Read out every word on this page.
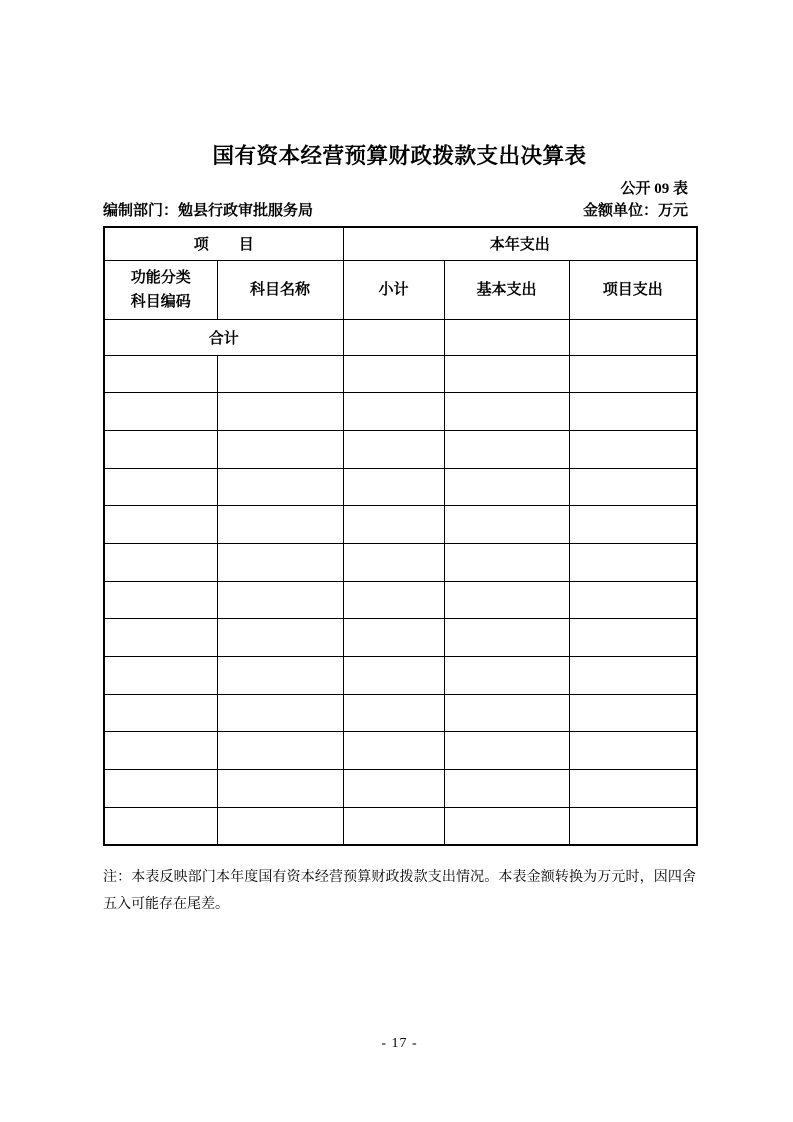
国有资本经营预算财政拨款支出决算表
公开 09 表
编制部门：勉县行政审批服务局	金额单位：万元
项　　目		本年支出		
功能分类
科目编码	科目名称	小计	基本支出	项目支出
合计				

注：本表反映部门本年度国有资本经营预算财政拨款支出情况。本表金额转换为万元时，因四舍五入可能存在尾差。

- 17 -
